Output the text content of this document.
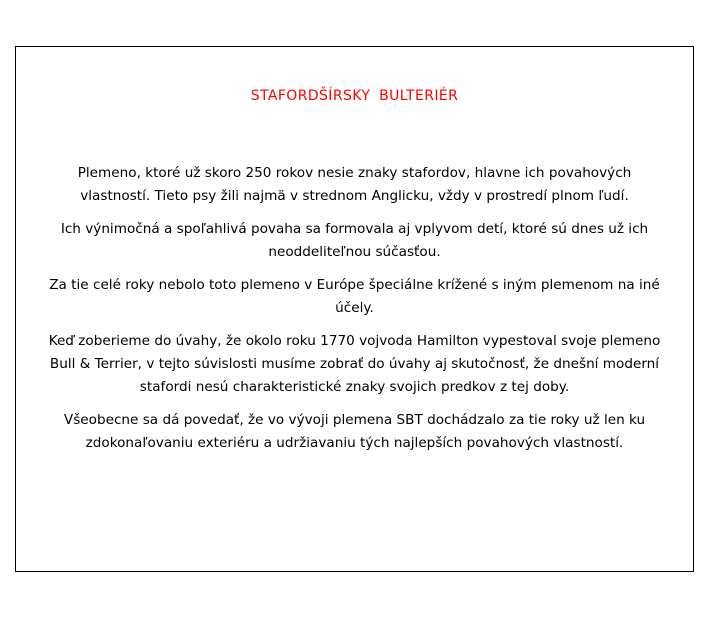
STAFORDŠÍRSKY BULTERIÉR

Plemeno, ktoré už skoro 250 rokov nesie znaky stafordov, hlavne ich povahových vlastností. Tieto psy žili najmä v strednom Anglicku, vždy v prostredí plnom ľudí.

Ich výnimočná a spoľahlivá povaha sa formovala aj vplyvom detí, ktoré sú dnes už ich neoddeliteľnou súčasťou.

Za tie celé roky nebolo toto plemeno v Európe špeciálne krížené s iným plemenom na iné účely.

Keď zoberieme do úvahy, že okolo roku 1770 vojvoda Hamilton vypestoval svoje plemeno Bull & Terrier, v tejto súvislosti musíme zobrať do úvahy aj skutočnosť, že dnešní moderní stafordi nesú charakteristické znaky svojich predkov z tej doby.

Všeobecne sa dá povedať, že vo vývoji plemena SBT dochádzalo za tie roky už len ku zdokonaľovaniu exteriéru a udržiavaniu tých najlepších povahových vlastností.
